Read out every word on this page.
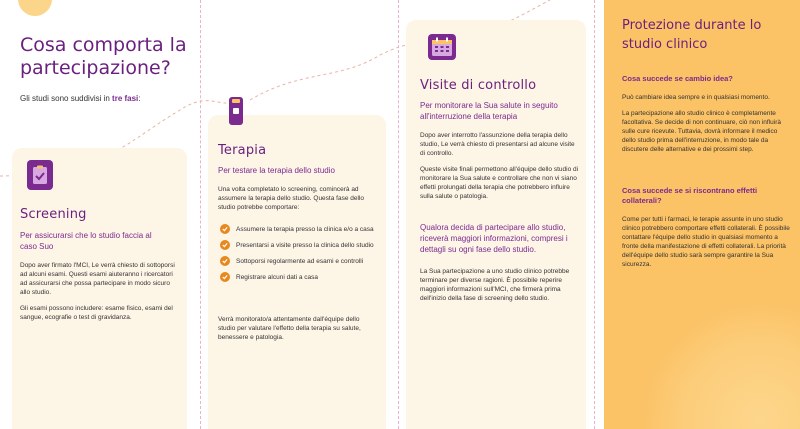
Cosa comporta la partecipazione?
Gli studi sono suddivisi in tre fasi:
Screening
Per assicurarsi che lo studio faccia al caso Suo

Dopo aver firmato l'MCI, Le verrà chiesto di sottoporsi ad alcuni esami. Questi esami aiuteranno i ricercatori ad assicurarsi che possa partecipare in modo sicuro allo studio.

Gli esami possono includere: esame fisico, esami del sangue, ecografie o test di gravidanza.

Terapia
Per testare la terapia dello studio
Una volta completato lo screening, comincerà ad assumere la terapia dello studio. Questa fase dello studio potrebbe comportare:
Assumere la terapia presso la clinica e/o a casa
Presentarsi a visite presso la clinica dello studio
Sottoporsi regolarmente ad esami e controlli
Registrare alcuni dati a casa
Verrà monitorato/a attentamente dall'équipe dello studio per valutare l'effetto della terapia su salute, benessere e patologia.
Visite di controllo
Per monitorare la Sua salute in seguito all'interruzione della terapia

Dopo aver interrotto l'assunzione della terapia dello studio, Le verrà chiesto di presentarsi ad alcune visite di controllo.

Queste visite finali permettono all'équipe dello studio di monitorare la Sua salute e controllare che non vi siano effetti prolungati della terapia che potrebbero influire sulla salute o patologia.

Qualora decida di partecipare allo studio, riceverà maggiori informazioni, compresi i dettagli su ogni fase dello studio.
La Sua partecipazione a uno studio clinico potrebbe terminare per diverse ragioni. È possibile reperire maggiori informazioni sull'MCI, che firmerà prima dell'inizio della fase di screening dello studio.
Protezione durante lo studio clinico
Cosa succede se cambio idea?

Può cambiare idea sempre e in qualsiasi momento.

La partecipazione allo studio clinico è completamente facoltativa. Se decide di non continuare, ciò non influirà sulle cure ricevute. Tuttavia, dovrà informare il medico dello studio prima dell'interruzione, in modo tale da discutere delle alternative e dei prossimi step.

Cosa succede se si riscontrano effetti collaterali?

Come per tutti i farmaci, le terapie assunte in uno studio clinico potrebbero comportare effetti collaterali. È possibile contattare l'équipe dello studio in qualsiasi momento a fronte della manifestazione di effetti collaterali. La priorità dell'équipe dello studio sarà sempre garantire la Sua sicurezza.
